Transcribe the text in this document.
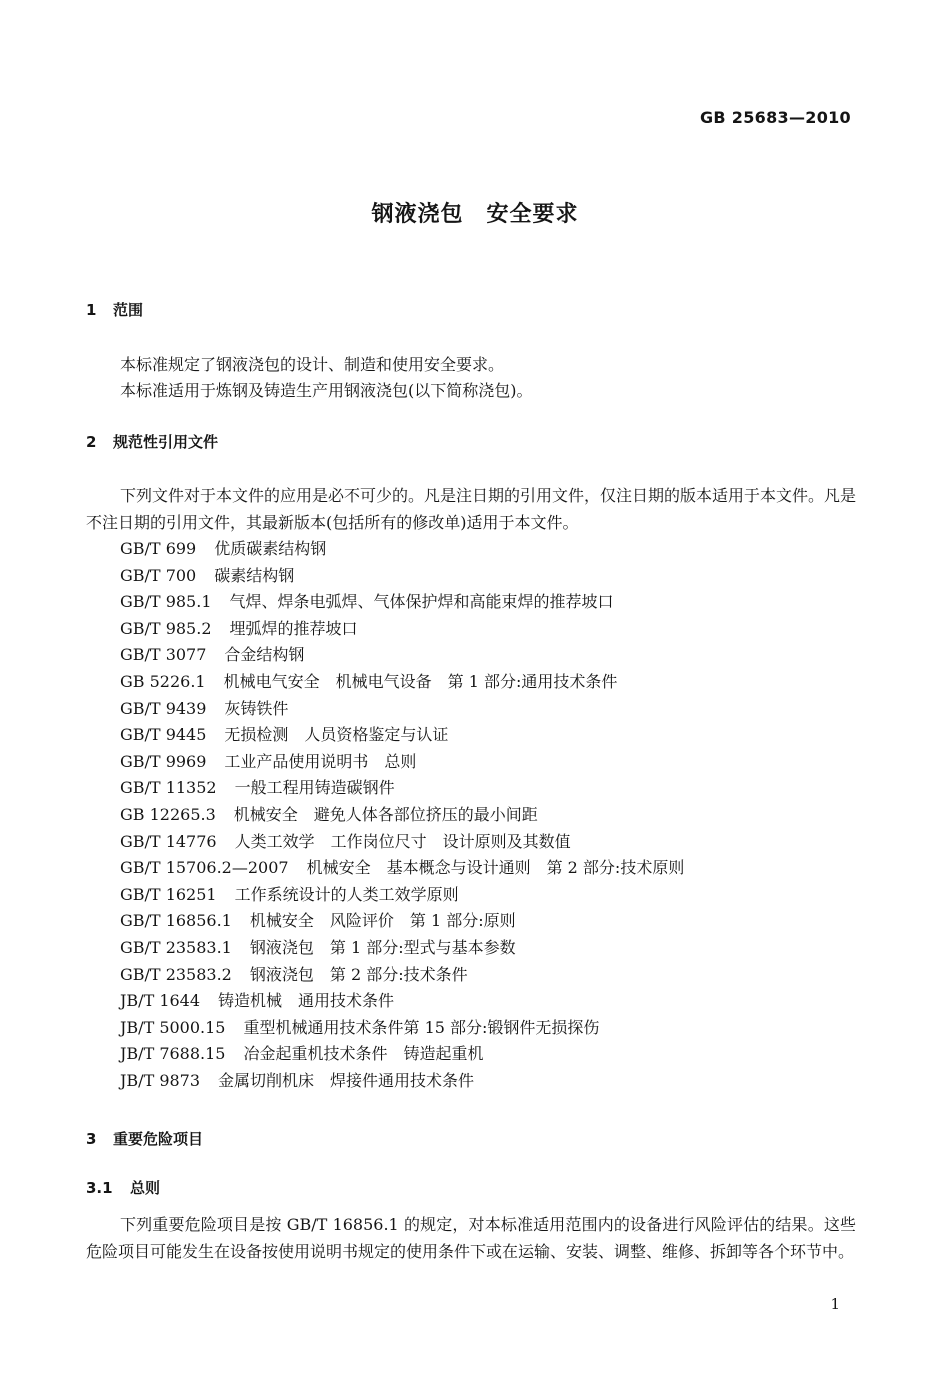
GB 25683—2010
钢液浇包　安全要求
1 范围
本标准规定了钢液浇包的设计、制造和使用安全要求。
本标准适用于炼钢及铸造生产用钢液浇包(以下简称浇包)。
2 规范性引用文件
下列文件对于本文件的应用是必不可少的。凡是注日期的引用文件，仅注日期的版本适用于本文件。凡是不注日期的引用文件，其最新版本(包括所有的修改单)适用于本文件。
GB/T 699 优质碳素结构钢
GB/T 700 碳素结构钢
GB/T 985.1 气焊、焊条电弧焊、气体保护焊和高能束焊的推荐坡口
GB/T 985.2 埋弧焊的推荐坡口
GB/T 3077 合金结构钢
GB 5226.1 机械电气安全　机械电气设备　第 1 部分:通用技术条件
GB/T 9439 灰铸铁件
GB/T 9445 无损检测　人员资格鉴定与认证
GB/T 9969 工业产品使用说明书　总则
GB/T 11352 一般工程用铸造碳钢件
GB 12265.3 机械安全　避免人体各部位挤压的最小间距
GB/T 14776 人类工效学　工作岗位尺寸　设计原则及其数值
GB/T 15706.2—2007 机械安全　基本概念与设计通则　第 2 部分:技术原则
GB/T 16251 工作系统设计的人类工效学原则
GB/T 16856.1 机械安全　风险评价　第 1 部分:原则
GB/T 23583.1 钢液浇包　第 1 部分:型式与基本参数
GB/T 23583.2 钢液浇包　第 2 部分:技术条件
JB/T 1644 铸造机械　通用技术条件
JB/T 5000.15 重型机械通用技术条件第 15 部分:锻钢件无损探伤
JB/T 7688.15 冶金起重机技术条件　铸造起重机
JB/T 9873 金属切削机床　焊接件通用技术条件
3 重要危险项目
3.1 总则
下列重要危险项目是按 GB/T 16856.1 的规定，对本标准适用范围内的设备进行风险评估的结果。这些危险项目可能发生在设备按使用说明书规定的使用条件下或在运输、安装、调整、维修、拆卸等各个环节中。
1
